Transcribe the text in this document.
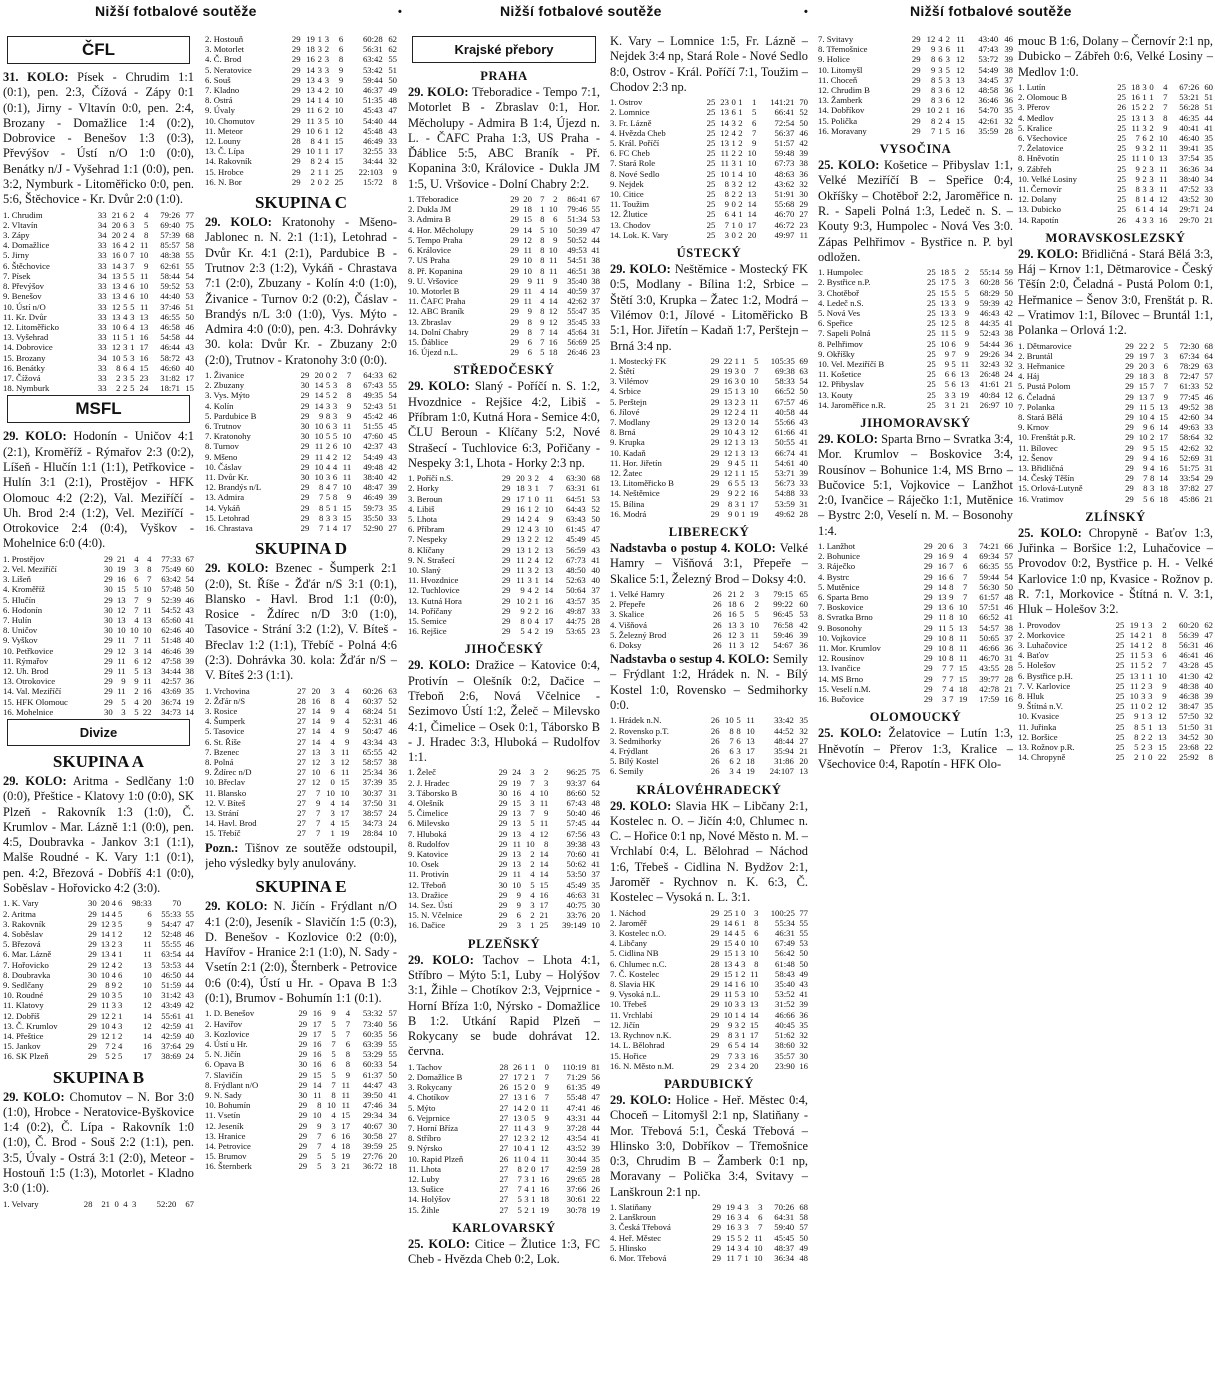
Nižší fotbalové soutěže	•	Nižší fotbalové soutěže	•	Nižší fotbalové soutěže
ČFL
31. KOLO: Písek - Chrudim 1:1 (0:1), pen. 2:3, Čížová - Zápy 0:1 (0:1), Jirny - Vltavín 0:0, pen. 2:4, Brozany - Domažlice 1:4 (0:2), Dobrovice - Benešov 1:3 (0:3), Převýšov - Ústí n/O 1:0 (0:0), Benátky n/J - Vyšehrad 1:1 (0:0), pen. 3:2, Nymburk - Litoměřicko 0:0, pen. 5:6, Štěchovice - Kr. Dvůr 2:0 (1:0).
1. Chrudim	33	21	6	2	4	79:26	77
2. Vltavín	34	20	6	3	5	69:40	75
3. Zápy	34	20	2	4	8	57:39	68
4. Domažlice	33	16	4	2	11	85:57	58
5. Jirny	33	16	0	7	10	48:38	55
6. Štěchovice	33	14	3	7	9	62:61	55
7. Písek	34	13	5	5	11	58:44	54
8. Převýšov	33	13	4	6	10	59:52	53
9. Benešov	33	13	4	6	10	44:40	53
10. Ústí n/O	33	12	5	5	11	37:46	51
11. Kr. Dvůr	33	13	4	3	13	46:55	50
12. Litoměřicko	33	10	6	4	13	46:58	46
13. Vyšehrad	33	11	5	1	16	54:58	44
14. Dobrovice	33	12	3	1	17	46:44	43
15. Brozany	34	10	5	3	16	58:72	43
16. Benátky	33	8	6	4	15	46:60	40
17. Čížová	33	2	3	5	23	31:82	17
18. Nymburk	33	2	2	5	24	18:71	15
MSFL
29. KOLO: Hodonín - Uničov 4:1 (2:1), Kroměříž - Rýmařov 2:3 (0:2), Líšeň - Hlučín 1:1 (1:1), Petřkovice - Hulín 3:1 (2:1), Prostějov - HFK Olomouc 4:2 (2:2), Val. Meziříčí - Uh. Brod 2:4 (1:2), Vel. Meziříčí - Otrokovice 2:4 (0:4), Vyškov - Mohelnice 6:0 (4:0).
1. Prostějov	29	21	4	4	77:33	67
2. Vel. Meziříčí	30	19	3	8	75:49	60
3. Líšeň	29	16	6	7	63:42	54
4. Kroměříž	30	15	5	10	57:48	50
5. Hlučín	29	13	7	9	52:39	46
6. Hodonín	30	12	7	11	54:52	43
7. Hulín	30	13	4	13	65:60	41
8. Uničov	30	10	10	10	62:46	40
9. Vyškov	29	11	7	11	51:48	40
10. Petřkovice	29	12	3	14	46:46	39
11. Rýmařov	29	11	6	12	47:58	39
12. Uh. Brod	29	11	5	13	34:44	38
13. Otrokovice	29	9	9	11	42:57	36
14. Val. Meziříčí	29	11	2	16	43:69	35
15. HFK Olomouc	29	5	4	20	36:74	19
16. Mohelnice	30	3	5	22	34:73	14
Divize
SKUPINA A
29. KOLO: Aritma - Sedlčany 1:0 (0:0), Přeštice - Klatovy 1:0 (0:0), SK Plzeň - Rakovník 1:3 (1:0), Č. Krumlov - Mar. Lázně 1:1 (0:0), pen. 4:5, Doubravka - Jankov 3:1 (1:1), Malše Roudné - K. Vary 1:1 (0:1), pen. 4:2, Březová - Dobříš 4:1 (0:0), Soběslav - Hořovicko 4:2 (3:0).
1. K. Vary	30	20	4	6	98:33	70	
2. Aritma	29	14	4	5	6	55:33	55
3. Rakovník	29	12	3	5	9	54:47	47
4. Soběslav	29	14	1	2	12	52:48	46
5. Březová	29	13	2	3	11	55:55	46
6. Mar. Lázně	29	13	4	1	11	63:54	44
7. Hořovicko	29	12	4	2	13	53:53	44
8. Doubravka	30	10	4	6	10	46:50	44
9. Sedlčany	29	8	9	2	10	51:59	44
10. Roudné	29	10	3	5	10	31:42	43
11. Klatovy	29	11	3	3	12	43:49	42
12. Dobříš	29	12	2	1	14	55:61	41
13. Č. Krumlov	29	10	4	3	12	42:59	41
14. Přeštice	29	12	1	2	14	42:59	40
15. Jankov	29	7	2	4	16	37:64	29
16. SK Plzeň	29	5	2	5	17	38:69	24
SKUPINA B
29. KOLO: Chomutov – N. Bor 3:0 (1:0), Hrobce - Neratovice-Byškovice 1:4 (0:2), Č. Lípa - Rakovník 1:0 (1:0), Č. Brod - Souš 2:2 (1:1), pen. 3:5, Úvaly - Ostrá 3:1 (2:0), Meteor - Hostouň 1:5 (1:3), Motorlet - Kladno 3:0 (1:0).
1. Velvary	28	21	0	4	3	52:20	67
2. Hostouň	29	19	1	3	6	60:28	62
3. Motorlet	29	18	3	2	6	56:31	62
4. Č. Brod	29	16	2	3	8	63:42	55
5. Neratovice	29	14	3	3	9	53:42	51
6. Souš	29	13	4	3	9	59:44	50
7. Kladno	29	13	4	2	10	46:37	49
8. Ostrá	29	14	1	4	10	51:35	48
9. Úvaly	29	11	6	2	10	45:43	47
10. Chomutov	29	11	3	5	10	54:40	44
11. Meteor	29	10	6	1	12	45:48	43
12. Louny	28	8	4	1	15	46:49	33
13. Č. Lípa	29	10	1	1	17	32:55	33
14. Rakovník	29	8	2	4	15	34:44	32
15. Hrobce	29	2	1	1	25	22:103	9
16. N. Bor	29	2	0	2	25	15:72	8
SKUPINA C
29. KOLO: Kratonohy - Mšeno-Jablonec n. N. 2:1 (1:1), Letohrad - Dvůr Kr. 4:1 (2:1), Pardubice B - Trutnov 2:3 (1:2), Vykáň - Chrastava 7:1 (2:0), Zbuzany - Kolín 4:0 (1:0), Živanice - Turnov 0:2 (0:2), Čáslav - Brandýs n/L 3:0 (1:0), Vys. Mýto - Admira 4:0 (0:0), pen. 4:3. Dohrávky 30. kola: Dvůr Kr. - Zbuzany 2:0 (2:0), Trutnov - Kratonohy 3:0 (0:0).
1. Živanice	29	20	0	2	7	64:33	62
2. Zbuzany	30	14	5	3	8	67:43	55
3. Vys. Mýto	29	14	5	2	8	49:35	54
4. Kolín	29	14	3	3	9	52:43	51
5. Pardubice B	29	9	8	3	9	45:42	46
6. Trutnov	30	10	6	3	11	51:55	45
7. Kratonohy	30	10	5	5	10	47:60	45
8. Turnov	29	11	2	6	10	42:37	43
9. Mšeno	29	11	4	2	12	54:49	43
10. Čáslav	29	10	4	4	11	49:48	42
11. Dvůr Kr.	30	10	3	6	11	38:40	42
12. Brandýs n/L	29	8	4	7	10	48:47	39
13. Admira	29	7	5	8	9	46:49	39
14. Vykáň	29	8	5	1	15	59:73	35
15. Letohrad	29	8	3	3	15	35:50	33
16. Chrastava	29	7	1	4	17	52:90	27
SKUPINA D
29. KOLO: Bzenec - Šumperk 2:1 (2:0), St. Říše - Žďár n/S 3:1 (0:1), Blansko - Havl. Brod 1:1 (0:0), Rosice - Ždírec n/D 3:0 (1:0), Tasovice - Strání 3:2 (1:2), V. Bíteš - Břeclav 1:2 (1:1), Třebíč - Polná 4:6 (2:3). Dohrávka 30. kola: Žďár n/S – V. Bíteš 2:3 (1:1).
1. Vrchovina	27	20	3	4	60:26	63
2. Žďár n/S	28	16	8	4	60:37	52
3. Rosice	27	14	9	4	68:24	51
4. Šumperk	27	14	9	4	52:31	46
5. Tasovice	27	14	4	9	50:47	46
6. St. Říše	27	14	4	9	43:34	43
7. Bzenec	27	13	3	11	65:55	42
8. Polná	27	12	3	12	58:57	38
9. Ždírec n/D	27	10	6	11	25:34	36
10. Břeclav	27	12	0	15	37:39	35
11. Blansko	27	7	10	10	30:37	31
12. V. Bíteš	27	9	4	14	37:50	31
13. Strání	27	7	3	17	38:57	24
14. Havl. Brod	27	7	4	15	34:73	24
15. Třebíč	27	7	1	19	28:84	10
Pozn.: Tišnov ze soutěže odstoupil, jeho výsledky byly anulovány.
SKUPINA E
29. KOLO: N. Jičín - Frýdlant n/O 4:1 (2:0), Jeseník - Slavičín 1:5 (0:3), D. Benešov - Kozlovice 0:2 (0:0), Havířov - Hranice 2:1 (1:0), N. Sady - Vsetín 2:1 (2:0), Šternberk - Petrovice 0:6 (0:4), Ústí u Hr. - Opava B 1:3 (0:1), Brumov - Bohumín 1:1 (0:1).
1. D. Benešov	29	16	9	4	53:32	57
2. Havířov	29	17	5	7	73:40	56
3. Kozlovice	29	17	5	7	60:35	56
4. Ústí u Hr.	29	16	7	6	63:39	55
5. N. Jičín	29	16	5	8	53:29	55
6. Opava B	30	16	6	8	60:33	54
7. Slavičín	29	15	5	9	61:37	50
8. Frýdlant n/O	29	14	7	11	44:47	43
9. N. Sady	30	11	8	11	39:50	41
10. Bohumín	29	8	10	11	47:46	34
11. Vsetín	29	10	4	15	29:34	34
12. Jeseník	29	9	3	17	40:67	30
13. Hranice	29	7	6	16	30:58	27
14. Petrovice	29	7	4	18	39:59	25
15. Brumov	29	5	5	19	27:76	20
16. Šternberk	29	5	3	21	36:72	18
Krajské přebory
PRAHA
29. KOLO: Třeboradice - Tempo 7:1, Motorlet B - Zbraslav 0:1, Hor. Měcholupy - Admira B 1:4, Újezd n. L. - ČAFC Praha 1:3, US Praha - Ďáblice 5:5, ABC Braník - Př. Kopanina 3:0, Královice - Dukla JM 1:5, U. Vršovice - Dolní Chabry 2:2.
1. Třeboradice	29	20	7	2	86:41	67
2. Dukla JM	29	18	1	10	79:46	55
3. Admira B	29	15	8	6	51:34	53
4. Hor. Měcholupy	29	14	5	10	50:39	47
5. Tempo Praha	29	12	8	9	50:52	44
6. Královice	29	11	8	10	49:53	41
7. US Praha	29	10	8	11	54:51	38
8. Př. Kopanina	29	10	8	11	46:51	38
9. U. Vršovice	29	9	11	9	35:40	38
10. Motorlet B	29	11	4	14	40:59	37
11. ČAFC Praha	29	11	4	14	42:62	37
12. ABC Braník	29	9	8	12	55:47	35
13. Zbraslav	29	8	9	12	35:45	33
14. Dolní Chabry	29	8	7	14	45:64	31
15. Ďáblice	29	6	7	16	56:69	25
16. Újezd n.L.	29	6	5	18	26:46	23
STŘEDOČESKÝ
29. KOLO: Slaný - Poříčí n. S. 1:2, Hvozdnice - Rejšice 4:2, Libiš - Příbram 1:0, Kutná Hora - Semice 4:0, ČLU Beroun - Klíčany 5:2, Nové Strašecí - Tuchlovice 6:3, Pořičany - Nespeky 3:1, Lhota - Horky 2:3 np.
1. Poříčí n.S.	29	20	3	2	4	63:30	68
2. Horky	29	18	3	1	7	63:31	61
3. Beroun	29	17	1	0	11	64:51	53
4. Libiš	29	16	1	2	10	64:43	52
5. Lhota	29	14	2	4	9	63:43	50
6. Příbram	29	12	4	3	10	61:45	47
7. Nespeky	29	13	2	2	12	45:49	45
8. Klíčany	29	13	1	2	13	56:59	43
9. N. Strašecí	29	11	2	4	12	67:73	41
10. Slaný	29	11	3	2	13	48:50	40
11. Hvozdnice	29	11	3	1	14	52:63	40
12. Tuchlovice	29	9	4	2	14	50:64	37
13. Kutná Hora	29	10	2	1	16	43:57	35
14. Poříčany	29	9	2	2	16	49:87	33
15. Semice	29	8	0	4	17	44:75	28
16. Rejšice	29	5	4	2	19	53:65	23
JIHOČESKÝ
29. KOLO: Dražice – Katovice 0:4, Protivín – Olešník 0:2, Dačice – Třeboň 2:6, Nová Včelnice - Sezimovo Ústí 1:2, Želeč – Milevsko 4:1, Čimelice – Osek 0:1, Táborsko B - J. Hradec 3:3, Hluboká – Rudolfov 1:1.
1. Želeč	29	24	3	2	96:25	75
2. J. Hradec	29	19	7	3	93:37	64
3. Táborsko B	30	16	4	10	86:60	52
4. Olešník	29	15	3	11	67:43	48
5. Čimelice	29	13	7	9	50:40	46
6. Milevsko	29	13	5	11	57:45	44
7. Hluboká	29	13	4	12	67:56	43
8. Rudolfov	29	11	10	8	39:38	43
9. Katovice	29	13	2	14	70:60	41
10. Osek	29	13	2	14	50:62	41
11. Protivín	29	11	4	14	53:50	37
12. Třeboň	30	10	5	15	45:49	35
13. Dražice	29	9	4	16	46:63	31
14. Sez. Ústí	29	9	3	17	40:75	30
15. N. Včelnice	29	6	2	21	33:76	20
16. Dačice	29	3	1	25	39:149	10
PLZEŇSKÝ
29. KOLO: Tachov – Lhota 4:1, Stříbro – Mýto 5:1, Luby – Holýšov 3:1, Žihle – Chotíkov 2:3, Vejprnice - Horní Bříza 1:0, Nýrsko - Domažlice B 1:2. Utkání Rapid Plzeň – Rokycany se bude dohrávat 12. června.
1. Tachov	28	26	1	1	0	110:19	81
2. Domažlice B	27	17	2	1	7	71:29	56
3. Rokycany	26	15	2	0	9	61:35	49
4. Chotíkov	27	13	1	6	7	55:48	47
5. Mýto	27	14	2	0	11	47:41	46
6. Vejprnice	27	13	0	5	9	43:31	44
7. Horní Bříza	27	11	4	3	9	37:28	44
8. Stříbro	27	12	3	2	12	43:54	41
9. Nýrsko	27	10	4	1	12	43:52	39
10. Rapid Plzeň	26	11	0	4	11	30:44	35
11. Lhota	27	8	2	0	17	42:59	28
12. Luby	27	7	3	1	16	29:65	28
13. Sušice	27	7	4	1	16	37:66	26
14. Holýšov	27	5	3	1	18	30:61	22
15. Žihle	27	5	2	1	19	30:78	19
KARLOVARSKÝ
25. KOLO: Citice – Žlutice 1:3, FC Cheb - Hvězda Cheb 0:2, Lok.
K. Vary – Lomnice 1:5, Fr. Lázně – Nejdek 3:4 np, Stará Role - Nové Sedlo 8:0, Ostrov - Král. Poříčí 7:1, Toužim – Chodov 2:3 np.
1. Ostrov	25	23	0	1	1	141:21	70
2. Lomnice	25	13	6	1	5	66:41	52
3. Fr. Lázně	25	14	3	2	6	72:54	50
4. Hvězda Cheb	25	12	4	2	7	56:37	46
5. Král. Poříčí	25	13	1	2	9	51:57	42
6. FC Cheb	25	11	2	2	10	59:48	39
7. Stará Role	25	11	3	1	10	67:73	38
8. Nové Sedlo	25	10	1	4	10	48:63	36
9. Nejdek	25	8	3	2	12	43:62	32
10. Citice	25	8	2	2	13	51:91	30
11. Toužim	25	9	0	2	14	55:68	29
12. Žlutice	25	6	4	1	14	46:70	27
13. Chodov	25	7	1	0	17	46:72	23
14. Lok. K. Vary	25	3	0	2	20	49:97	11
ÚSTECKÝ
29. KOLO: Neštěmice - Mostecký FK 0:5, Modlany - Bílina 1:2, Srbice – Štětí 3:0, Krupka – Žatec 1:2, Modrá – Vilémov 0:1, Jílové - Litoměřicko B 5:1, Hor. Jiřetín – Kadaň 1:7, Perštejn – Brná 3:4 np.
1. Mostecký FK	29	22	1	1	5	105:35	69
2. Štětí	29	19	3	0	7	69:38	63
3. Vilémov	29	16	3	0	10	58:33	54
4. Srbice	29	15	1	3	10	66:52	50
5. Perštejn	29	13	2	3	11	67:57	46
6. Jílové	29	12	2	4	11	40:58	44
7. Modlany	29	13	2	0	14	55:66	43
8. Brná	29	10	4	3	12	61:66	41
9. Krupka	29	12	1	3	13	50:55	41
10. Kadaň	29	12	1	3	13	66:74	41
11. Hor. Jiřetín	29	9	4	5	11	54:61	40
12. Žatec	29	12	1	1	15	53:71	39
13. Litoměřicko B	29	6	5	5	13	56:73	33
14. Neštěmice	29	9	2	2	16	54:88	33
15. Bílina	29	8	3	1	17	53:59	31
16. Modrá	29	9	0	1	19	49:62	28
LIBERECKÝ
Nadstavba o postup 4. KOLO: Velké Hamry – Višňová 3:1, Přepeře – Skalice 5:1, Železný Brod – Doksy 4:0.
1. Velké Hamry	26	21	2	3	79:15	65
2. Přepeře	26	18	6	2	99:22	60
3. Skalice	26	16	5	5	96:45	53
4. Višňová	26	13	3	10	76:58	42
5. Železný Brod	26	12	3	11	59:46	39
6. Doksy	26	11	3	12	54:67	36
Nadstavba o sestup 4. KOLO: Semily – Frýdlant 1:2, Hrádek n. N. - Bílý Kostel 1:0, Rovensko – Sedmihorky 0:0.
1. Hrádek n.N.	26	10	5	11	33:42	35
2. Rovensko p.T.	26	8	8	10	44:52	32
3. Sedmihorky	26	7	6	13	48:44	27
4. Frýdlant	26	6	3	17	35:94	21
5. Bílý Kostel	26	6	2	18	31:86	20
6. Semily	26	3	4	19	24:107	13
KRÁLOVÉHRADECKÝ
29. KOLO: Slavia HK – Libčany 2:1, Kostelec n. O. – Jičín 4:0, Chlumec n. C. – Hořice 0:1 np, Nové Město n. M. – Vrchlabí 0:4, L. Bělohrad – Náchod 1:6, Třebeš - Cidlina N. Bydžov 2:1, Jaroměř - Rychnov n. K. 6:3, Č. Kostelec – Vysoká n. L. 3:1.
1. Náchod	29	25	1	0	3	100:25	77
2. Jaroměř	29	14	6	1	8	55:34	55
3. Kostelec n.O.	29	14	4	5	6	46:31	55
4. Libčany	29	15	4	0	10	67:49	53
5. Cidlina NB	29	15	1	3	10	56:42	50
6. Chlumec n.C.	28	13	4	3	8	61:48	50
7. Č. Kostelec	29	15	1	2	11	58:43	49
8. Slavia HK	29	14	1	6	10	35:40	43
9. Vysoká n.L.	29	11	5	3	10	53:52	41
10. Třebeš	29	10	3	3	13	31:52	39
11. Vrchlabí	29	10	1	4	14	46:66	36
12. Jičín	29	9	3	2	15	40:45	35
13. Rychnov n.K.	29	8	3	1	17	51:62	32
14. L. Bělohrad	29	6	5	4	14	38:60	32
15. Hořice	29	7	3	3	16	35:57	30
16. N. Město n.M.	29	2	3	4	20	23:90	16
PARDUBICKÝ
29. KOLO: Holice - Heř. Městec 0:4, Choceň – Litomyšl 2:1 np, Slatiňany - Mor. Třebová 5:1, Česká Třebová – Hlinsko 3:0, Dobříkov – Třemošnice 0:3, Chrudim B – Žamberk 0:1 np, Moravany – Polička 3:4, Svitavy – Lanškroun 2:1 np.
1. Slatiňany	29	19	4	3	3	70:26	68
2. Lanškroun	29	16	3	4	6	64:31	58
3. Česká Třebová	29	16	3	3	7	59:40	57
4. Heř. Městec	29	15	5	2	11	45:45	50
5. Hlinsko	29	14	3	4	10	48:37	49
6. Mor. Třebová	29	11	7	1	10	36:34	48
7. Svitavy	29	12	4	2	11	43:40	46
8. Třemošnice	29	9	3	6	11	47:43	39
9. Holice	29	8	6	3	12	53:72	39
10. Litomyšl	29	9	3	5	12	54:49	38
11. Choceň	29	8	5	3	13	34:45	37
12. Chrudim B	29	8	3	6	12	48:58	36
13. Žamberk	29	8	3	6	12	36:46	36
14. Dobříkov	29	10	2	1	16	54:70	35
15. Polička	29	8	2	4	15	42:61	32
16. Moravany	29	7	1	5	16	35:59	28
VYSOČINA
25. KOLO: Košetice – Přibyslav 1:1, Velké Meziříčí B – Speřice 0:4, Okříšky – Chotěboř 2:2, Jaroměřice n. R. - Sapeli Polná 1:3, Ledeč n. S. – Kouty 9:3, Humpolec - Nová Ves 3:0. Zápas Pelhřimov - Bystřice n. P. byl odložen.
1. Humpolec	25	18	5	2	55:14	59
2. Bystřice n.P.	25	17	5	3	60:28	56
3. Chotěboř	25	15	5	5	68:29	50
4. Ledeč n.S.	25	13	3	9	59:39	42
5. Nová Ves	25	13	3	9	46:43	42
6. Speřice	25	12	5	8	44:35	41
7. Sapeli Polná	25	11	5	9	52:43	38
8. Pelhřimov	25	10	6	9	54:44	36
9. Okříšky	25	9	7	9	29:26	34
10. Vel. Meziříčí B	25	9	5	11	32:43	32
11. Košetice	25	6	6	13	26:48	24
12. Přibyslav	25	5	6	13	41:61	21
13. Kouty	25	3	3	19	40:84	12
14. Jaroměřice n.R.	25	3	1	21	26:97	10
JIHOMORAVSKÝ
29. KOLO: Sparta Brno – Svratka 3:4, Mor. Krumlov – Boskovice 3:4, Rousínov – Bohunice 1:4, MS Brno – Bučovice 5:1, Vojkovice – Lanžhot 2:0, Ivančice – Ráječko 1:1, Mutěnice – Bystrc 2:0, Veselí n. M. – Bosonohy 1:4.
1. Lanžhot	29	20	6	3	74:21	66
2. Bohunice	29	16	9	4	69:34	57
3. Ráječko	29	16	7	6	66:35	55
4. Bystrc	29	16	6	7	59:44	54
5. Mutěnice	29	14	8	7	56:30	50
6. Sparta Brno	29	13	9	7	61:57	48
7. Boskovice	29	13	6	10	57:51	46
8. Svratka Brno	29	11	8	10	66:52	41
9. Bosonohy	29	11	5	13	54:57	38
10. Vojkovice	29	10	8	11	50:65	37
11. Mor. Krumlov	29	10	8	11	46:66	36
12. Rousínov	29	10	8	11	46:70	31
13. Ivančice	29	7	7	15	43:55	28
14. MS Brno	29	7	7	15	39:77	28
15. Veselí n.M.	29	7	4	18	42:78	21
16. Bučovice	29	3	7	19	17:59	16
OLOMOUCKÝ
25. KOLO: Želatovice – Lutín 1:3, Hněvotín – Přerov 1:3, Kralice – Všechovice 0:4, Rapotín - HFK Olo-
mouc B 1:6, Dolany – Černovír 2:1 np, Dubicko – Zábřeh 0:6, Velké Losiny – Medlov 1:0.
1. Lutín	25	18	3	0	4	67:26	60
2. Olomouc B	25	16	1	1	7	53:21	51
3. Přerov	26	15	2	2	7	56:28	51
4. Medlov	25	13	1	3	8	46:35	44
5. Kralice	25	11	3	2	9	40:41	41
6. Všechovice	25	7	6	2	10	46:40	35
7. Želatovice	25	9	3	2	11	39:41	35
8. Hněvotín	25	11	1	0	13	37:54	35
9. Zábřeh	25	9	2	3	11	36:36	34
10. Velké Losiny	25	9	2	3	11	38:40	34
11. Černovír	25	8	3	3	11	47:52	33
12. Dolany	25	8	1	4	12	43:52	30
13. Dubicko	25	6	1	4	14	29:71	24
14. Rapotín	26	4	3	3	16	29:70	21
MORAVSKOSLEZSKÝ
29. KOLO: Břidličná - Stará Bělá 3:3, Háj – Krnov 1:1, Dětmarovice - Český Těšín 2:0, Čeladná - Pustá Polom 0:1, Heřmanice – Šenov 3:0, Frenštát p. R. – Vratimov 1:1, Bílovec – Bruntál 1:1, Polanka – Orlová 1:2.
1. Dětmarovice	29	22	2	5	72:30	68
2. Bruntál	29	19	7	3	67:34	64
3. Heřmanice	29	20	3	6	78:29	63
4. Háj	29	18	3	8	72:47	57
5. Pustá Polom	29	15	7	7	61:33	52
6. Čeladná	29	13	7	9	77:45	46
7. Polanka	29	11	5	13	49:52	38
8. Stará Bělá	29	10	4	15	42:60	34
9. Krnov	29	9	6	14	49:63	33
10. Frenštát p.R.	29	10	2	17	58:64	32
11. Bílovec	29	9	5	15	42:62	32
12. Šenov	29	9	4	16	52:69	31
13. Břidličná	29	9	4	16	51:75	31
14. Český Těšín	29	7	8	14	33:54	29
15. Orlová-Lutyně	29	8	3	18	37:82	27
16. Vratimov	29	5	6	18	45:86	21
ZLÍNSKÝ
25. KOLO: Chropyně - Baťov 1:3, Juřinka – Boršice 1:2, Luhačovice – Provodov 0:2, Bystřice p. H. - Velké Karlovice 1:0 np, Kvasice - Rožnov p. R. 7:1, Morkovice - Štítná n. V. 3:1, Hluk – Holešov 3:2.
1. Provodov	25	19	1	3	2	60:20	62
2. Morkovice	25	14	2	1	8	56:39	47
3. Luhačovice	25	14	1	2	8	56:31	46
4. Baťov	25	11	5	3	6	46:41	46
5. Holešov	25	11	5	2	7	43:28	45
6. Bystřice p.H.	25	13	1	1	10	41:30	42
7. V. Karlovice	25	11	2	3	9	48:38	40
8. Hluk	25	10	3	3	9	46:38	39
9. Štítná n.V.	25	11	0	2	12	38:47	35
10. Kvasice	25	9	1	3	12	57:50	32
11. Juřinka	25	8	5	1	13	51:50	31
12. Boršice	25	8	2	2	13	34:52	30
13. Rožnov p.R.	25	5	2	3	15	23:68	22
14. Chropyně	25	2	1	0	22	25:92	8
